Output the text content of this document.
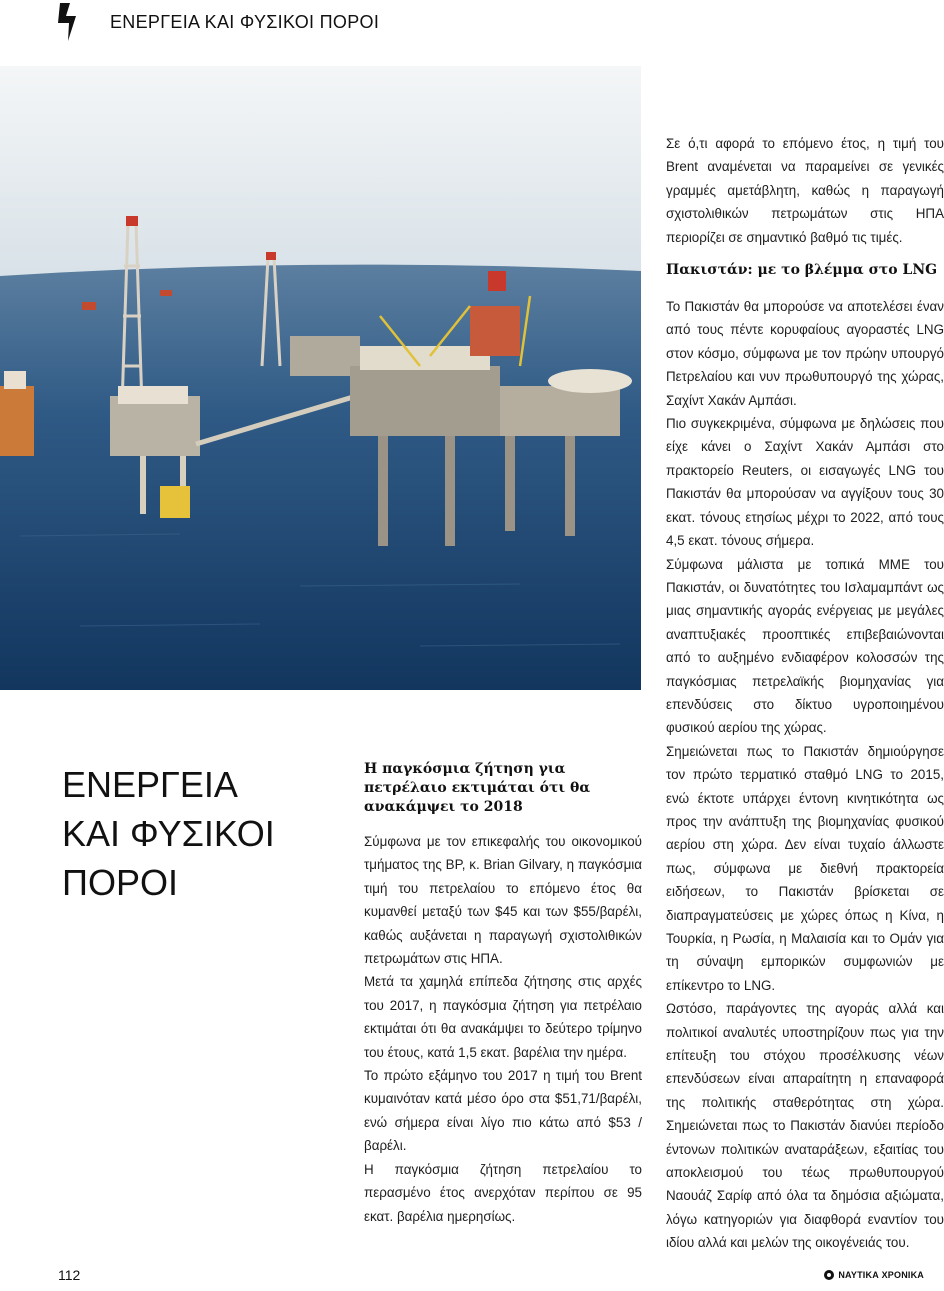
ΕΝΕΡΓΕΙΑ ΚΑΙ ΦΥΣΙΚΟΙ ΠΟΡΟΙ
ΕΝΕΡΓΕΙΑ
ΚΑΙ ΦΥΣΙΚΟΙ
ΠΟΡΟΙ
Η παγκόσμια ζήτηση για πετρέλαιο εκτιμάται ότι θα ανακάμψει το 2018

Σύμφωνα με τον επικεφαλής του οικονομικού τμήματος της BP, κ. Brian Gilvary, η παγκόσμια τιμή του πετρελαίου το επόμενο έτος θα κυμανθεί μεταξύ των $45 και των $55/βαρέλι, καθώς αυξάνεται η παραγωγή σχιστολιθικών πετρωμάτων στις ΗΠΑ.

Μετά τα χαμηλά επίπεδα ζήτησης στις αρχές του 2017, η παγκόσμια ζήτηση για πετρέλαιο εκτιμάται ότι θα ανακάμψει το δεύτερο τρίμηνο του έτους, κατά 1,5 εκατ. βαρέλια την ημέρα.

Το πρώτο εξάμηνο του 2017 η τιμή του Brent κυμαινόταν κατά μέσο όρο στα $51,71/βαρέλι, ενώ σήμερα είναι λίγο πιο κάτω από $53 /βαρέλι.

Η παγκόσμια ζήτηση πετρελαίου το περασμένο έτος ανερχόταν περίπου σε 95 εκατ. βαρέλια ημερησίως.

Σε ό,τι αφορά το επόμενο έτος, η τιμή του Brent αναμένεται να παραμείνει σε γενικές γραμμές αμετάβλητη, καθώς η παραγωγή σχιστολιθικών πετρωμάτων στις ΗΠΑ περιορίζει σε σημαντικό βαθμό τις τιμές.

Πακιστάν: με το βλέμμα στο LNG

Το Πακιστάν θα μπορούσε να αποτελέσει έναν από τους πέντε κορυφαίους αγοραστές LNG στον κόσμο, σύμφωνα με τον πρώην υπουργό Πετρελαίου και νυν πρωθυπουργό της χώρας, Σαχίντ Χακάν Αμπάσι.

Πιο συγκεκριμένα, σύμφωνα με δηλώσεις που είχε κάνει ο Σαχίντ Χακάν Αμπάσι στο πρακτορείο Reuters, οι εισαγωγές LNG του Πακιστάν θα μπορούσαν να αγγίξουν τους 30 εκατ. τόνους ετησίως μέχρι το 2022, από τους 4,5 εκατ. τόνους σήμερα.

Σύμφωνα μάλιστα με τοπικά ΜΜΕ του Πακιστάν, οι δυνατότητες του Ισλαμαμπάντ ως μιας σημαντικής αγοράς ενέργειας με μεγάλες αναπτυξιακές προοπτικές επιβεβαιώνονται από το αυξημένο ενδιαφέρον κολοσσών της παγκόσμιας πετρελαϊκής βιομηχανίας για επενδύσεις στο δίκτυο υγροποιημένου φυσικού αερίου της χώρας.

Σημειώνεται πως το Πακιστάν δημιούργησε τον πρώτο τερματικό σταθμό LNG το 2015, ενώ έκτοτε υπάρχει έντονη κινητικότητα ως προς την ανάπτυξη της βιομηχανίας φυσικού αερίου στη χώρα. Δεν είναι τυχαίο άλλωστε πως, σύμφωνα με διεθνή πρακτορεία ειδήσεων, το Πακιστάν βρίσκεται σε διαπραγματεύσεις με χώρες όπως η Κίνα, η Τουρκία, η Ρωσία, η Μαλαισία και το Ομάν για τη σύναψη εμπορικών συμφωνιών με επίκεντρο το LNG.

Ωστόσο, παράγοντες της αγοράς αλλά και πολιτικοί αναλυτές υποστηρίζουν πως για την επίτευξη του στόχου προσέλκυσης νέων επενδύσεων είναι απαραίτητη η επαναφορά της πολιτικής σταθερότητας στη χώρα. Σημειώνεται πως το Πακιστάν διανύει περίοδο έντονων πολιτικών αναταράξεων, εξαιτίας του αποκλεισμού του τέως πρωθυπουργού Ναουάζ Σαρίφ από όλα τα δημόσια αξιώματα, λόγω κατηγοριών για διαφθορά εναντίον του ιδίου αλλά και μελών της οικογένειάς του.

112	ΝΑΥΤΙΚΑ ΧΡΟΝΙΚΑ
